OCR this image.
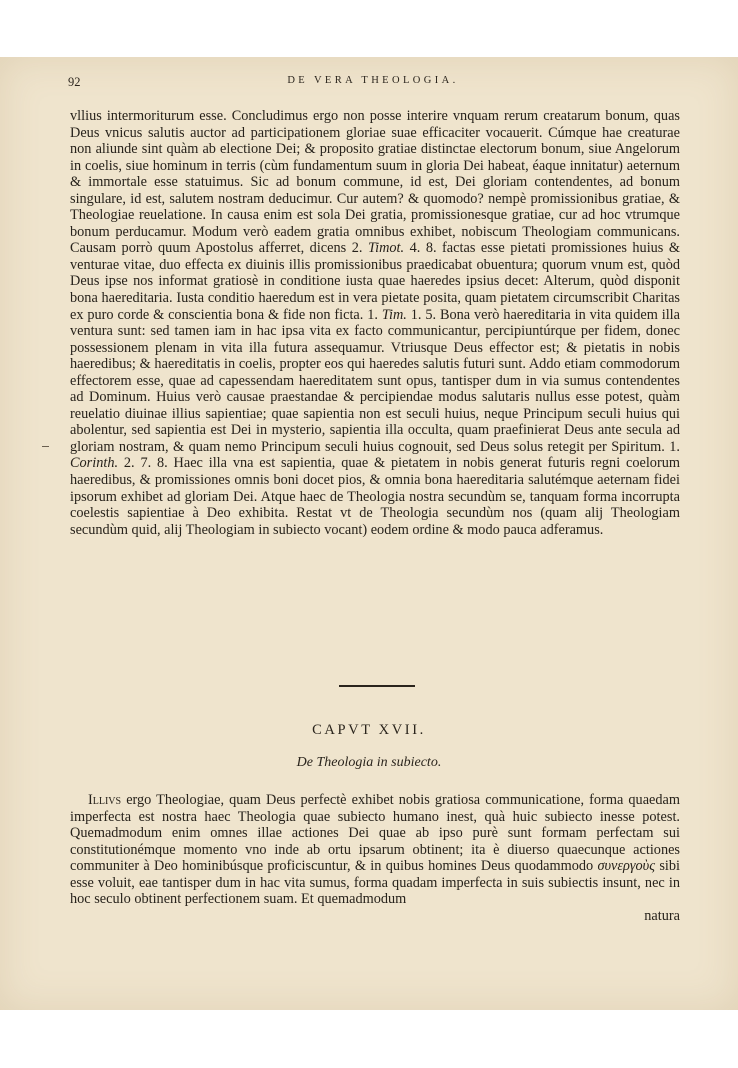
92	DE VERA THEOLOGIA.

vllius intermoriturum esse. Concludimus ergo non posse interire vnquam rerum creatarum bonum, quas Deus vnicus salutis auctor ad participationem gloriae suae efficaciter vocauerit. Cúmque hae creaturae non aliunde sint quàm ab electione Dei; & proposito gratiae distinctae electorum bonum, siue Angelorum in coelis, siue hominum in terris (cùm fundamentum suum in gloria Dei habeat, éaque innitatur) aeternum & immortale esse statuimus. Sic ad bonum commune, id est, Dei gloriam contendentes, ad bonum singulare, id est, salutem nostram deducimur. Cur autem? & quomodo? nempè promissionibus gratiae, & Theologiae reuelatione. In causa enim est sola Dei gratia, promissionesque gratiae, cur ad hoc vtrumque bonum perducamur. Modum verò eadem gratia omnibus exhibet, nobiscum Theologiam communicans. Causam porrò quum Apostolus afferret, dicens 2. Timot. 4. 8. factas esse pietati promissiones huius & venturae vitae, duo effecta ex diuinis illis promissionibus praedicabat obuentura; quorum vnum est, quòd Deus ipse nos informat gratiosè in conditione iusta quae haeredes ipsius decet: Alterum, quòd disponit bona haereditaria. Iusta conditio haeredum est in vera pietate posita, quam pietatem circumscribit Charitas ex puro corde & conscientia bona & fide non ficta. 1. Tim. 1. 5. Bona verò haereditaria in vita quidem illa ventura sunt: sed tamen iam in hac ipsa vita ex facto communicantur, percipiuntúrque per fidem, donec possessionem plenam in vita illa futura assequamur. Vtriusque Deus effector est; & pietatis in nobis haeredibus; & haereditatis in coelis, propter eos qui haeredes salutis futuri sunt. Addo etiam commodorum effectorem esse, quae ad capessendam haereditatem sunt opus, tantisper dum in via sumus contendentes ad Dominum. Huius verò causae praestandae & percipiendae modus salutaris nullus esse potest, quàm reuelatio diuinae illius sapientiae; quae sapientia non est seculi huius, neque Principum seculi huius qui abolentur, sed sapientia est Dei in mysterio, sapientia illa occulta, quam praefinierat Deus ante secula ad gloriam nostram, & quam nemo Principum seculi huius cognouit, sed Deus solus retegit per Spiritum. 1. Corinth. 2. 7. 8. Haec illa vna est sapientia, quae & pietatem in nobis generat futuris regni coelorum haeredibus, & promissiones omnis boni docet pios, & omnia bona haereditaria salutémque aeternam fidei ipsorum exhibet ad gloriam Dei. Atque haec de Theologia nostra secundùm se, tanquam forma incorrupta coelestis sapientiae à Deo exhibita. Restat vt de Theologia secundùm nos (quam alij Theologiam secundùm quid, alij Theologiam in subiecto vocant) eodem ordine & modo pauca adferamus.

CAPVT XVII.
De Theologia in subiecto.

Illivs ergo Theologiae, quam Deus perfectè exhibet nobis gratiosa communicatione, forma quaedam imperfecta est nostra haec Theologia quae subiecto humano inest, quà huic subiecto inesse potest. Quemadmodum enim omnes illae actiones Dei quae ab ipso purè sunt formam perfectam sui constitutionémque momento vno inde ab ortu ipsarum obtinent; ita è diuerso quaecunque actiones communiter à Deo hominibúsque proficiscuntur, & in quibus homines Deus quodammodo συνεργοὺς sibi esse voluit, eae tantisper dum in hac vita sumus, forma quadam imperfecta in suis subiectis insunt, nec in hoc seculo obtinent perfectionem suam. Et quemadmodum
natura
